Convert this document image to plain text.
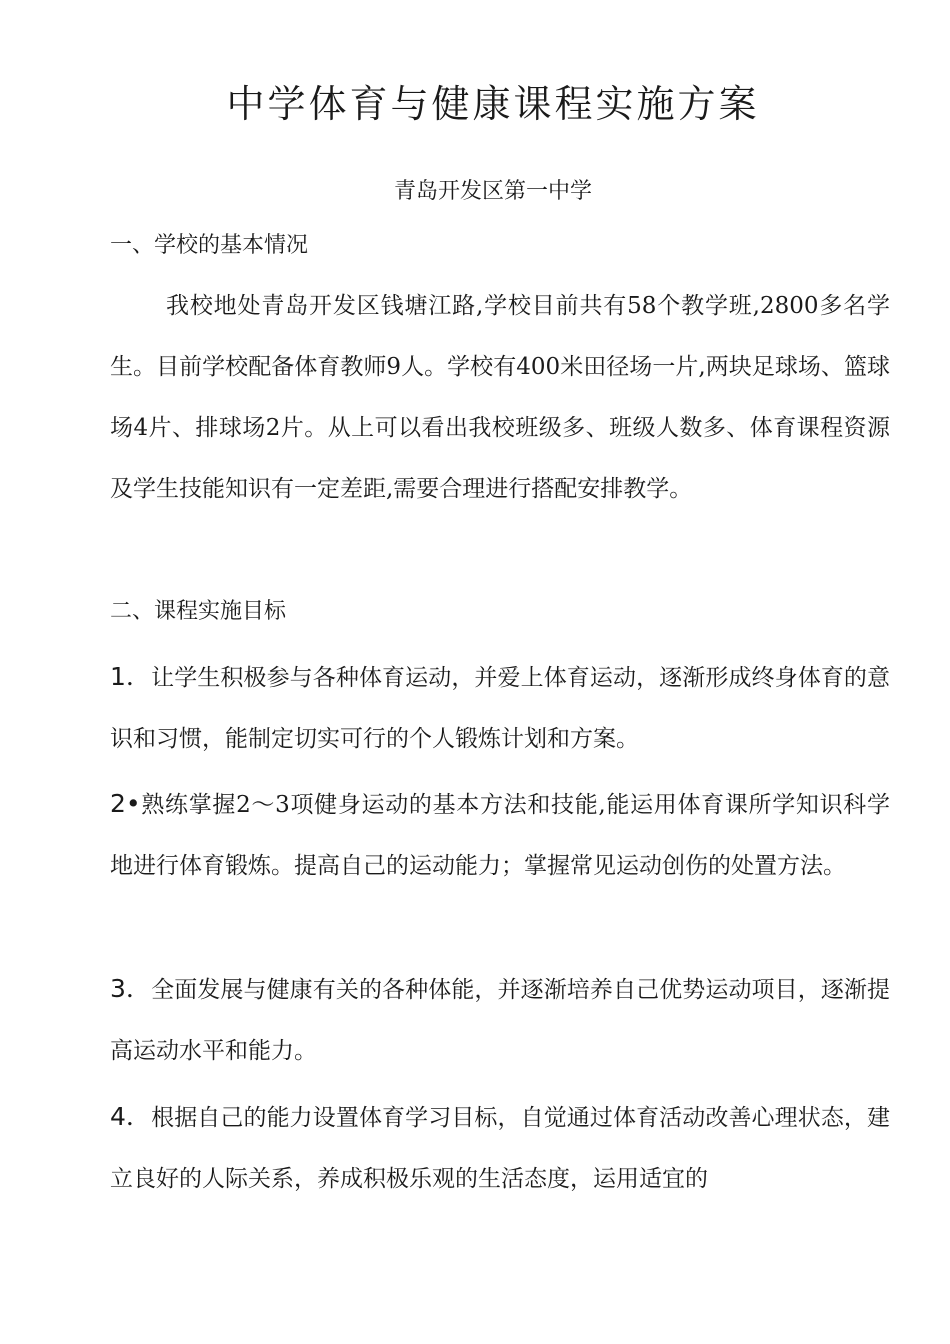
中学体育与健康课程实施方案
青岛开发区第一中学
一、学校的基本情况

我校地处青岛开发区钱塘江路,学校目前共有58个教学班,2800多名学生。目前学校配备体育教师9人。学校有400米田径场一片,两块足球场、篮球场4片、排球场2片。从上可以看出我校班级多、班级人数多、体育课程资源及学生技能知识有一定差距,需要合理进行搭配安排教学。

二、课程实施目标

1．让学生积极参与各种体育运动，并爱上体育运动，逐渐形成终身体育的意识和习惯，能制定切实可行的个人锻炼计划和方案。

2•熟练掌握2〜3项健身运动的基本方法和技能,能运用体育课所学知识科学地进行体育锻炼。提高自己的运动能力；掌握常见运动创伤的处置方法。

3．全面发展与健康有关的各种体能，并逐渐培养自己优势运动项目，逐渐提高运动水平和能力。

4．根据自己的能力设置体育学习目标，自觉通过体育活动改善心理状态，建立良好的人际关系，养成积极乐观的生活态度，运用适宜的
